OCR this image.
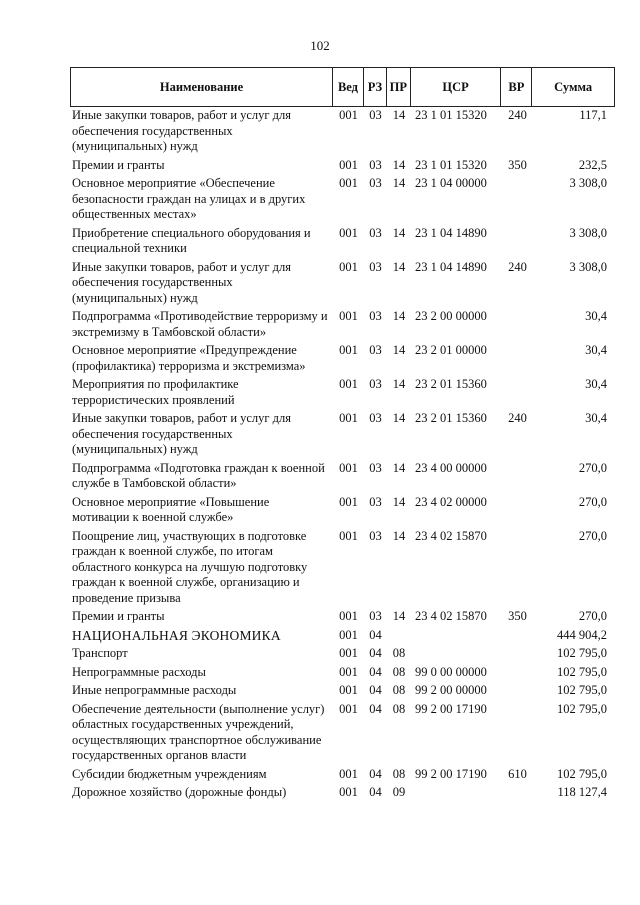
102
Наименование	Вед РЗ ПР	ЦСР	ВР	Сумма
Иные закупки товаров, работ и услуг для обеспечения государственных (муниципальных) нужд
001 03 14 23 1 01 15320	240	117,1
Премии и гранты	001 03 14 23 1 01 15320	350	232,5
Основное мероприятие «Обеспечение безопасности граждан на улицах и в других общественных местах»
001 03 14 23 1 04 00000	3 308,0
Приобретение специального оборудования и специальной техники
001 03 14 23 1 04 14890	3 308,0
Иные закупки товаров, работ и услуг для обеспечения государственных (муниципальных) нужд
001 03 14 23 1 04 14890	240	3 308,0
Подпрограмма «Противодействие терроризму и экстремизму в Тамбовской области»
001 03 14 23 2 00 00000	30,4
Основное мероприятие «Предупреждение (профилактика) терроризма и экстремизма»
001 03 14 23 2 01 00000	30,4
Мероприятия по профилактике террористических проявлений
001 03 14 23 2 01 15360	30,4
Иные закупки товаров, работ и услуг для обеспечения государственных (муниципальных) нужд
001 03 14 23 2 01 15360	240	30,4
Подпрограмма «Подготовка граждан к военной службе в Тамбовской области»
001 03 14 23 4 00 00000	270,0
Основное мероприятие «Повышение мотивации к военной службе»
001 03 14 23 4 02 00000	270,0
Поощрение лиц, участвующих в подготовке граждан к военной службе, по итогам областного конкурса на лучшую подготовку граждан к военной службе, организацию и проведение призыва
001 03 14 23 4 02 15870	270,0
Премии и гранты	001 03 14 23 4 02 15870	350	270,0
НАЦИОНАЛЬНАЯ ЭКОНОМИКА	001 04	444 904,2
Транспорт	001 04 08	102 795,0
Непрограммные расходы	001 04 08 99 0 00 00000	102 795,0
Иные непрограммные расходы	001 04 08 99 2 00 00000	102 795,0
Обеспечение деятельности (выполнение услуг) областных государственных учреждений, осуществляющих транспортное обслуживание государственных органов власти
001 04 08 99 2 00 17190	102 795,0
Субсидии бюджетным учреждениям	001 04 08 99 2 00 17190	610	102 795,0
Дорожное хозяйство (дорожные фонды)	001 04 09	118 127,4
